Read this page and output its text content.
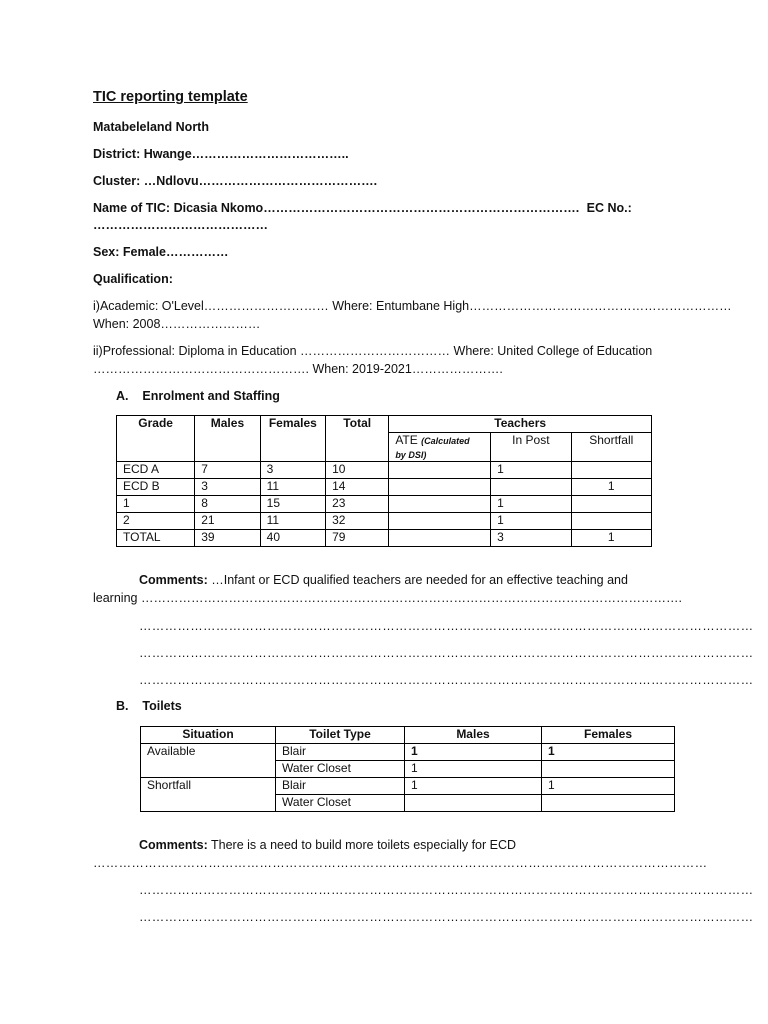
TIC reporting template
Matabeleland North
District: Hwange………………………………..
Cluster: …Ndlovu…………………………………….
Name of TIC: Dicasia Nkomo…………………………………………………………………. EC No.:
……………………………………
Sex: Female……………
Qualification:
i)Academic: O'Level………………………… Where: Entumbane High………………………………………………………
When: 2008……………………
ii)Professional: Diploma in Education ……………………………… Where: United College of Education
……………………………………………. When: 2019-2021………………….
A.    Enrolment and Staffing
Grade	Males	Females	Total	Teachers		
				ATE (Calculated
by DSI)	In Post	Shortfall
ECD A	7	3	10		1	
ECD B	3	11	14			1
1	8	15	23		1	
2	21	11	32		1	
TOTAL	39	40	79		3	1
Comments: …Infant or ECD qualified teachers are needed for an effective teaching and
learning ………………………………………………………………………………………………………………….
………………………………………………………………………………………………………………………………
………………………………………………………………………………………………………………………………
………………………………………………………………………………………………………………………………
B.    Toilets
Situation	Toilet Type	Males	Females
Available	Blair	1	1
	Water Closet	1	
Shortfall	Blair	1	1
	Water Closet		
Comments: There is a need to build more toilets especially for ECD
………………………………………………………………………………………………………………………………
………………………………………………………………………………………………………………………………
………………………………………………………………………………………………………………………………
